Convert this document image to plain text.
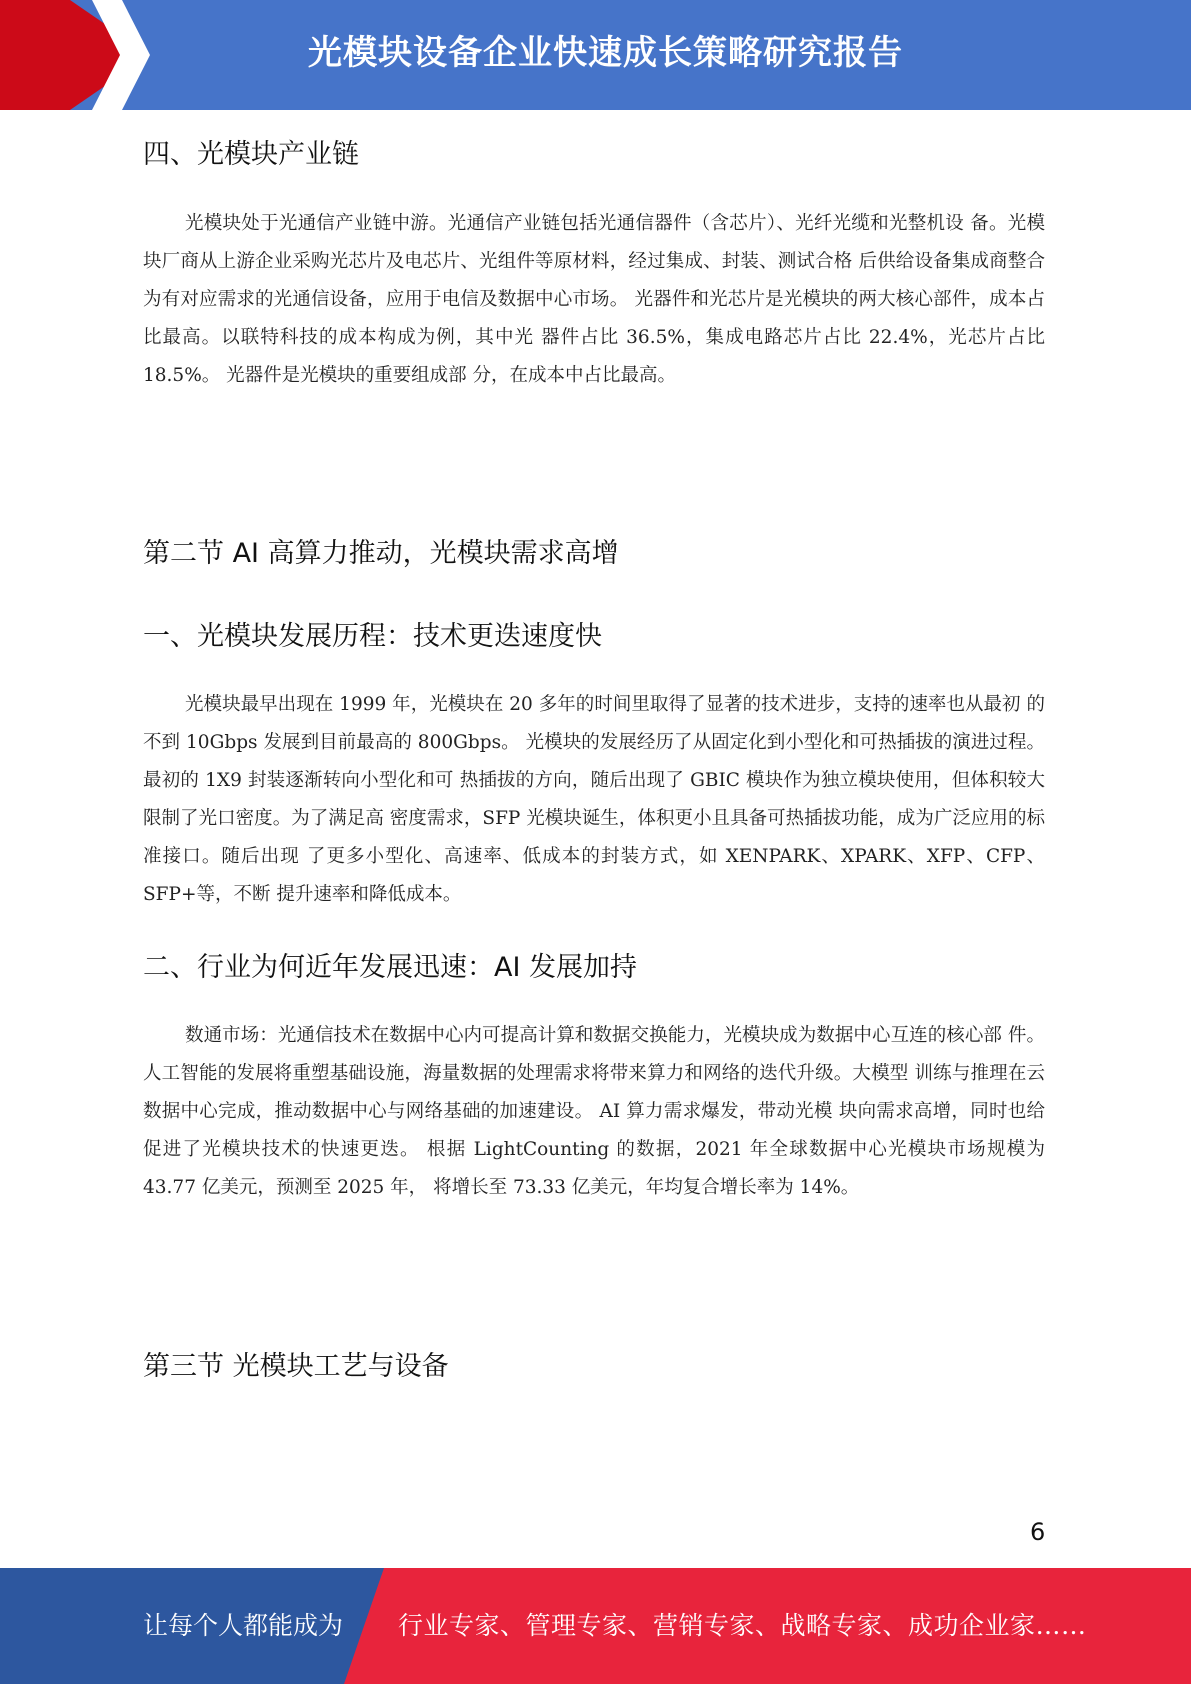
光模块设备企业快速成长策略研究报告
四、光模块产业链

光模块处于光通信产业链中游。光通信产业链包括光通信器件（含芯片）、光纤光缆和光整机设 备。光模块厂商从上游企业采购光芯片及电芯片、光组件等原材料，经过集成、封装、测试合格 后供给设备集成商整合为有对应需求的光通信设备，应用于电信及数据中心市场。 光器件和光芯片是光模块的两大核心部件，成本占比最高。以联特科技的成本构成为例，其中光 器件占比 36.5%，集成电路芯片占比 22.4%，光芯片占比 18.5%。 光器件是光模块的重要组成部 分，在成本中占比最高。

第二节 AI 高算力推动，光模块需求高增
一、光模块发展历程：技术更迭速度快

光模块最早出现在 1999 年，光模块在 20 多年的时间里取得了显著的技术进步，支持的速率也从最初 的不到 10Gbps 发展到目前最高的 800Gbps。 光模块的发展经历了从固定化到小型化和可热插拔的演进过程。最初的 1X9 封装逐渐转向小型化和可 热插拔的方向，随后出现了 GBIC 模块作为独立模块使用，但体积较大限制了光口密度。为了满足高 密度需求，SFP 光模块诞生，体积更小且具备可热插拔功能，成为广泛应用的标准接口。随后出现 了更多小型化、高速率、低成本的封装方式，如 XENPARK、XPARK、XFP、CFP、SFP+等，不断 提升速率和降低成本。

二、行业为何近年发展迅速：AI 发展加持

数通市场：光通信技术在数据中心内可提高计算和数据交换能力，光模块成为数据中心互连的核心部 件。 人工智能的发展将重塑基础设施，海量数据的处理需求将带来算力和网络的迭代升级。大模型 训练与推理在云数据中心完成，推动数据中心与网络基础的加速建设。 AI 算力需求爆发，带动光模 块向需求高增，同时也给促进了光模块技术的快速更迭。 根据 LightCounting 的数据，2021 年全球数据中心光模块市场规模为 43.77 亿美元，预测至 2025 年， 将增长至 73.33 亿美元，年均复合增长率为 14%。

第三节 光模块工艺与设备
6
让每个人都能成为 行业专家、管理专家、营销专家、战略专家、成功企业家……
